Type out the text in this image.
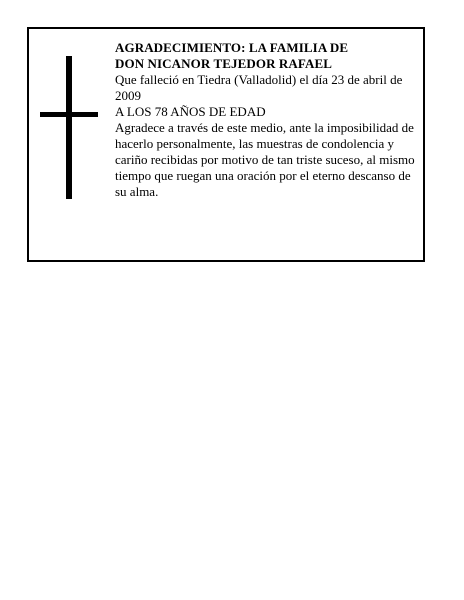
AGRADECIMIENTO: LA FAMILIA DE

DON NICANOR TEJEDOR RAFAEL

Que falleció en Tiedra (Valladolid) el día 23 de abril de 2009

A LOS 78 AÑOS DE EDAD

Agradece a través de este medio, ante la imposibilidad de hacerlo personalmente, las muestras de condolencia y cariño recibidas por motivo de tan triste suceso, al mismo tiempo que ruegan una oración por el eterno descanso de su alma.
